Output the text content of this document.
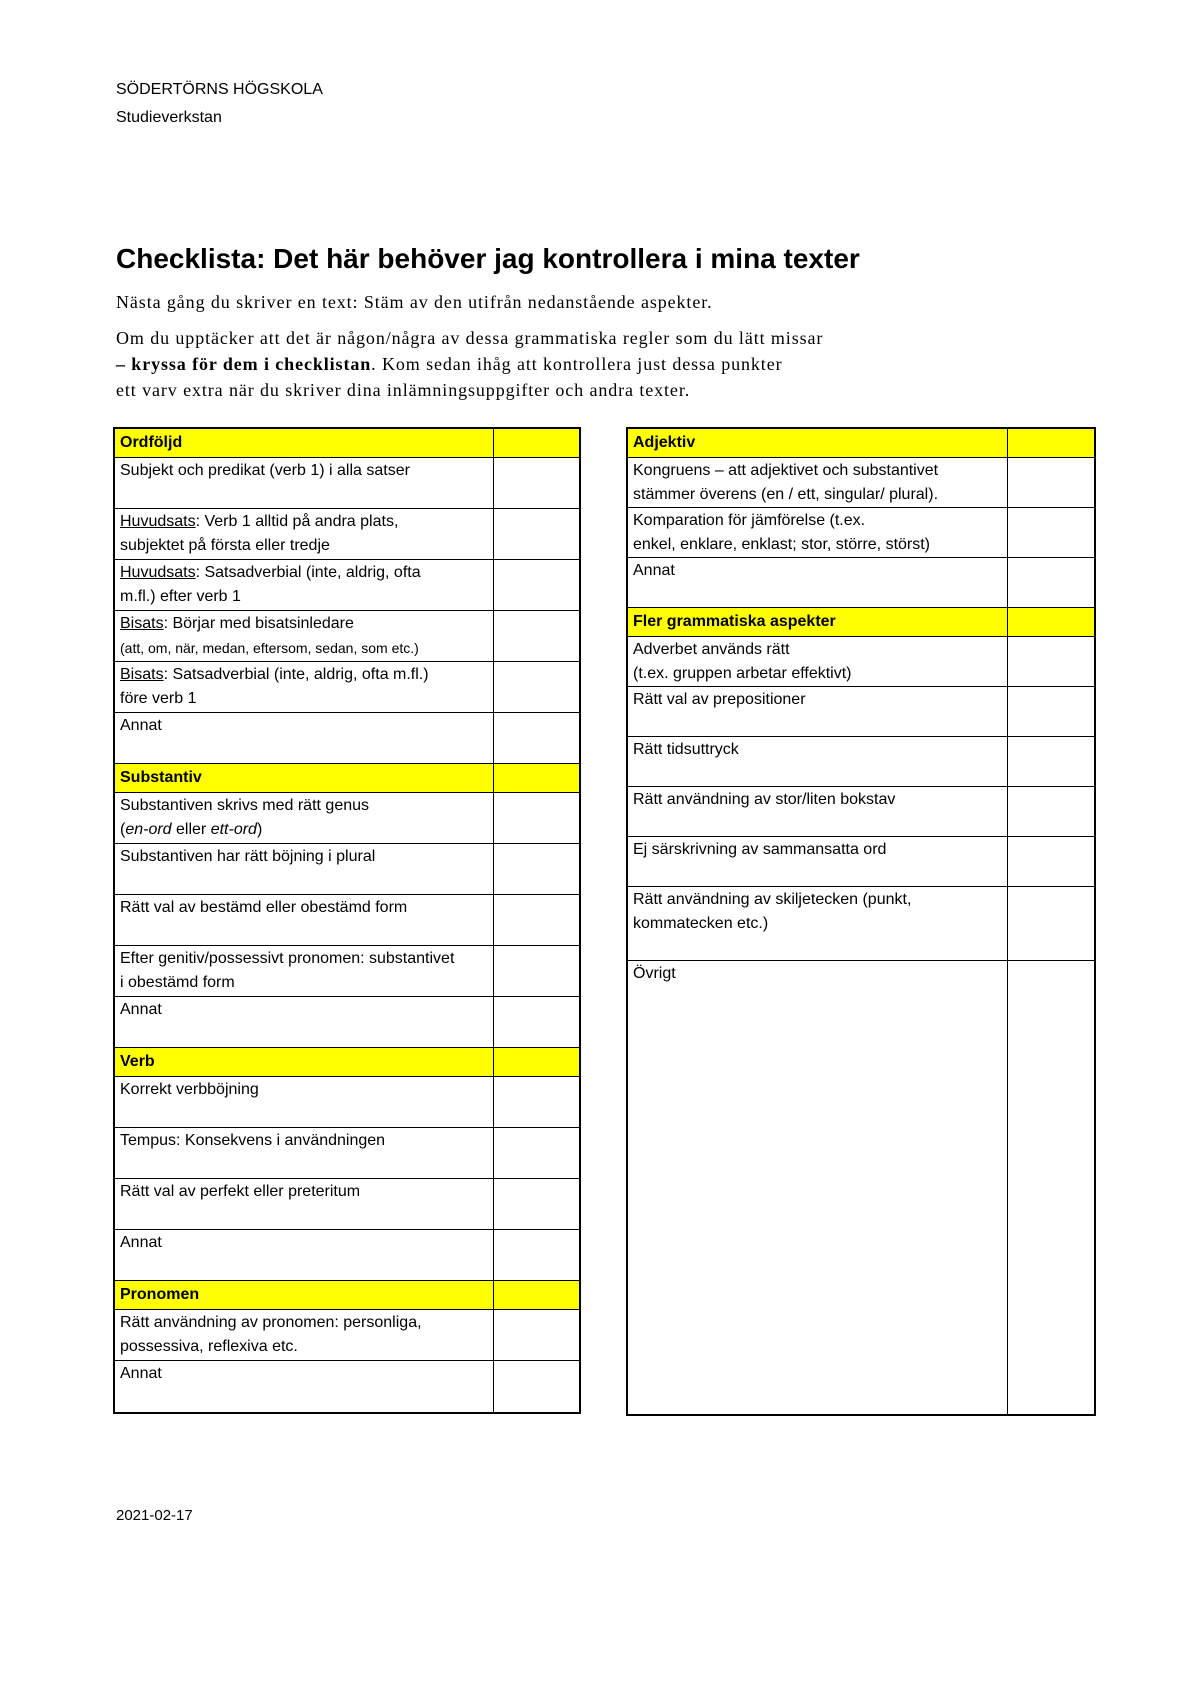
SÖDERTÖRNS HÖGSKOLA
Studieverkstan
Checklista: Det här behöver jag kontrollera i mina texter
Nästa gång du skriver en text: Stäm av den utifrån nedanstående aspekter.
Om du upptäcker att det är någon/några av dessa grammatiska regler som du lätt missar
– kryssa för dem i checklistan. Kom sedan ihåg att kontrollera just dessa punkter
ett varv extra när du skriver dina inlämningsuppgifter och andra texter.
Ordföljd
Subjekt och predikat (verb 1) i alla satser
Huvudsats: Verb 1 alltid på andra plats,
subjektet på första eller tredje
Huvudsats: Satsadverbial (inte, aldrig, ofta
m.fl.) efter verb 1
Bisats: Börjar med bisatsinledare
(att, om, när, medan, eftersom, sedan, som etc.)
Bisats: Satsadverbial (inte, aldrig, ofta m.fl.)
före verb 1
Annat
Substantiv
Substantiven skrivs med rätt genus
(en-ord eller ett-ord)
Substantiven har rätt böjning i plural
Rätt val av bestämd eller obestämd form
Efter genitiv/possessivt pronomen: substantivet
i obestämd form
Annat
Verb
Korrekt verbböjning
Tempus: Konsekvens i användningen
Rätt val av perfekt eller preteritum
Annat
Pronomen
Rätt användning av pronomen: personliga,
possessiva, reflexiva etc.
Annat
Adjektiv
Kongruens – att adjektivet och substantivet
stämmer överens (en / ett, singular/ plural).
Komparation för jämförelse (t.ex.
enkel, enklare, enklast; stor, större, störst)
Annat
Fler grammatiska aspekter
Adverbet används rätt
(t.ex. gruppen arbetar effektivt)
Rätt val av prepositioner
Rätt tidsuttryck
Rätt användning av stor/liten bokstav
Ej särskrivning av sammansatta ord
Rätt användning av skiljetecken (punkt,
kommatecken etc.)
Övrigt
2021-02-17
